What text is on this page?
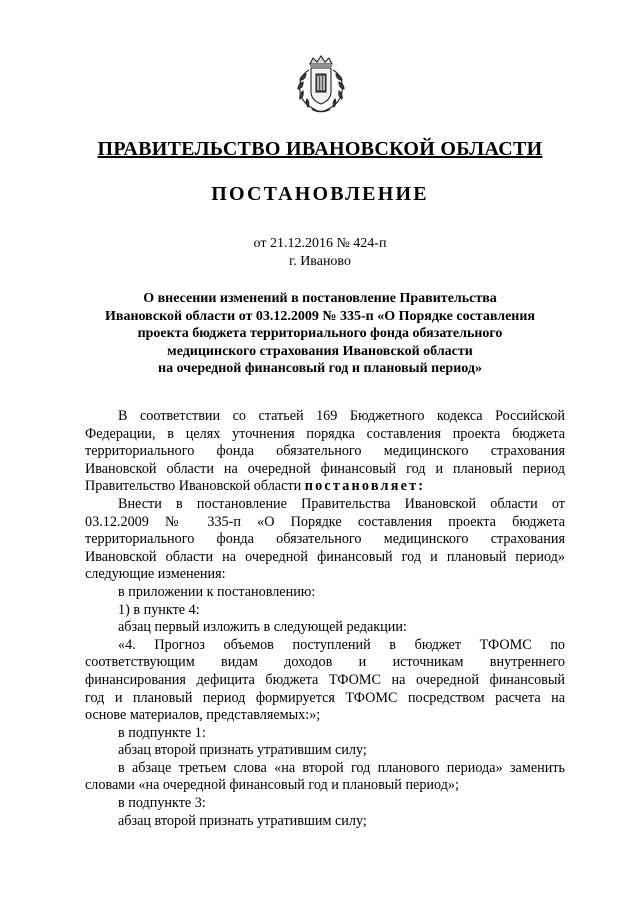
ПРАВИТЕЛЬСТВО ИВАНОВСКОЙ ОБЛАСТИ
ПОСТАНОВЛЕНИЕ
от 21.12.2016 № 424-п
г. Иваново
О внесении изменений в постановление Правительства
Ивановской области от 03.12.2009 № 335-п «О Порядке составления
проекта бюджета территориального фонда обязательного
медицинского страхования Ивановской области
на очередной финансовый год и плановый период»
В соответствии со статьей 169 Бюджетного кодекса Российской
Федерации, в целях уточнения порядка составления проекта бюджета
территориального фонда обязательного медицинского страхования
Ивановской области на очередной финансовый год и плановый период
Правительство Ивановской области постановляет:
Внести в постановление Правительства Ивановской области от
03.12.2009 № 335-п «О Порядке составления проекта бюджета
территориального фонда обязательного медицинского страхования
Ивановской области на очередной финансовый год и плановый период»
следующие изменения:
в приложении к постановлению:
1) в пункте 4:
абзац первый изложить в следующей редакции:
«4. Прогноз объемов поступлений в бюджет ТФОМС по
соответствующим видам доходов и источникам внутреннего
финансирования дефицита бюджета ТФОМС на очередной финансовый
год и плановый период формируется ТФОМС посредством расчета на
основе материалов, представляемых:»;
в подпункте 1:
абзац второй признать утратившим силу;
в абзаце третьем слова «на второй год планового периода» заменить
словами «на очередной финансовый год и плановый период»;
в подпункте 3:
абзац второй признать утратившим силу;
